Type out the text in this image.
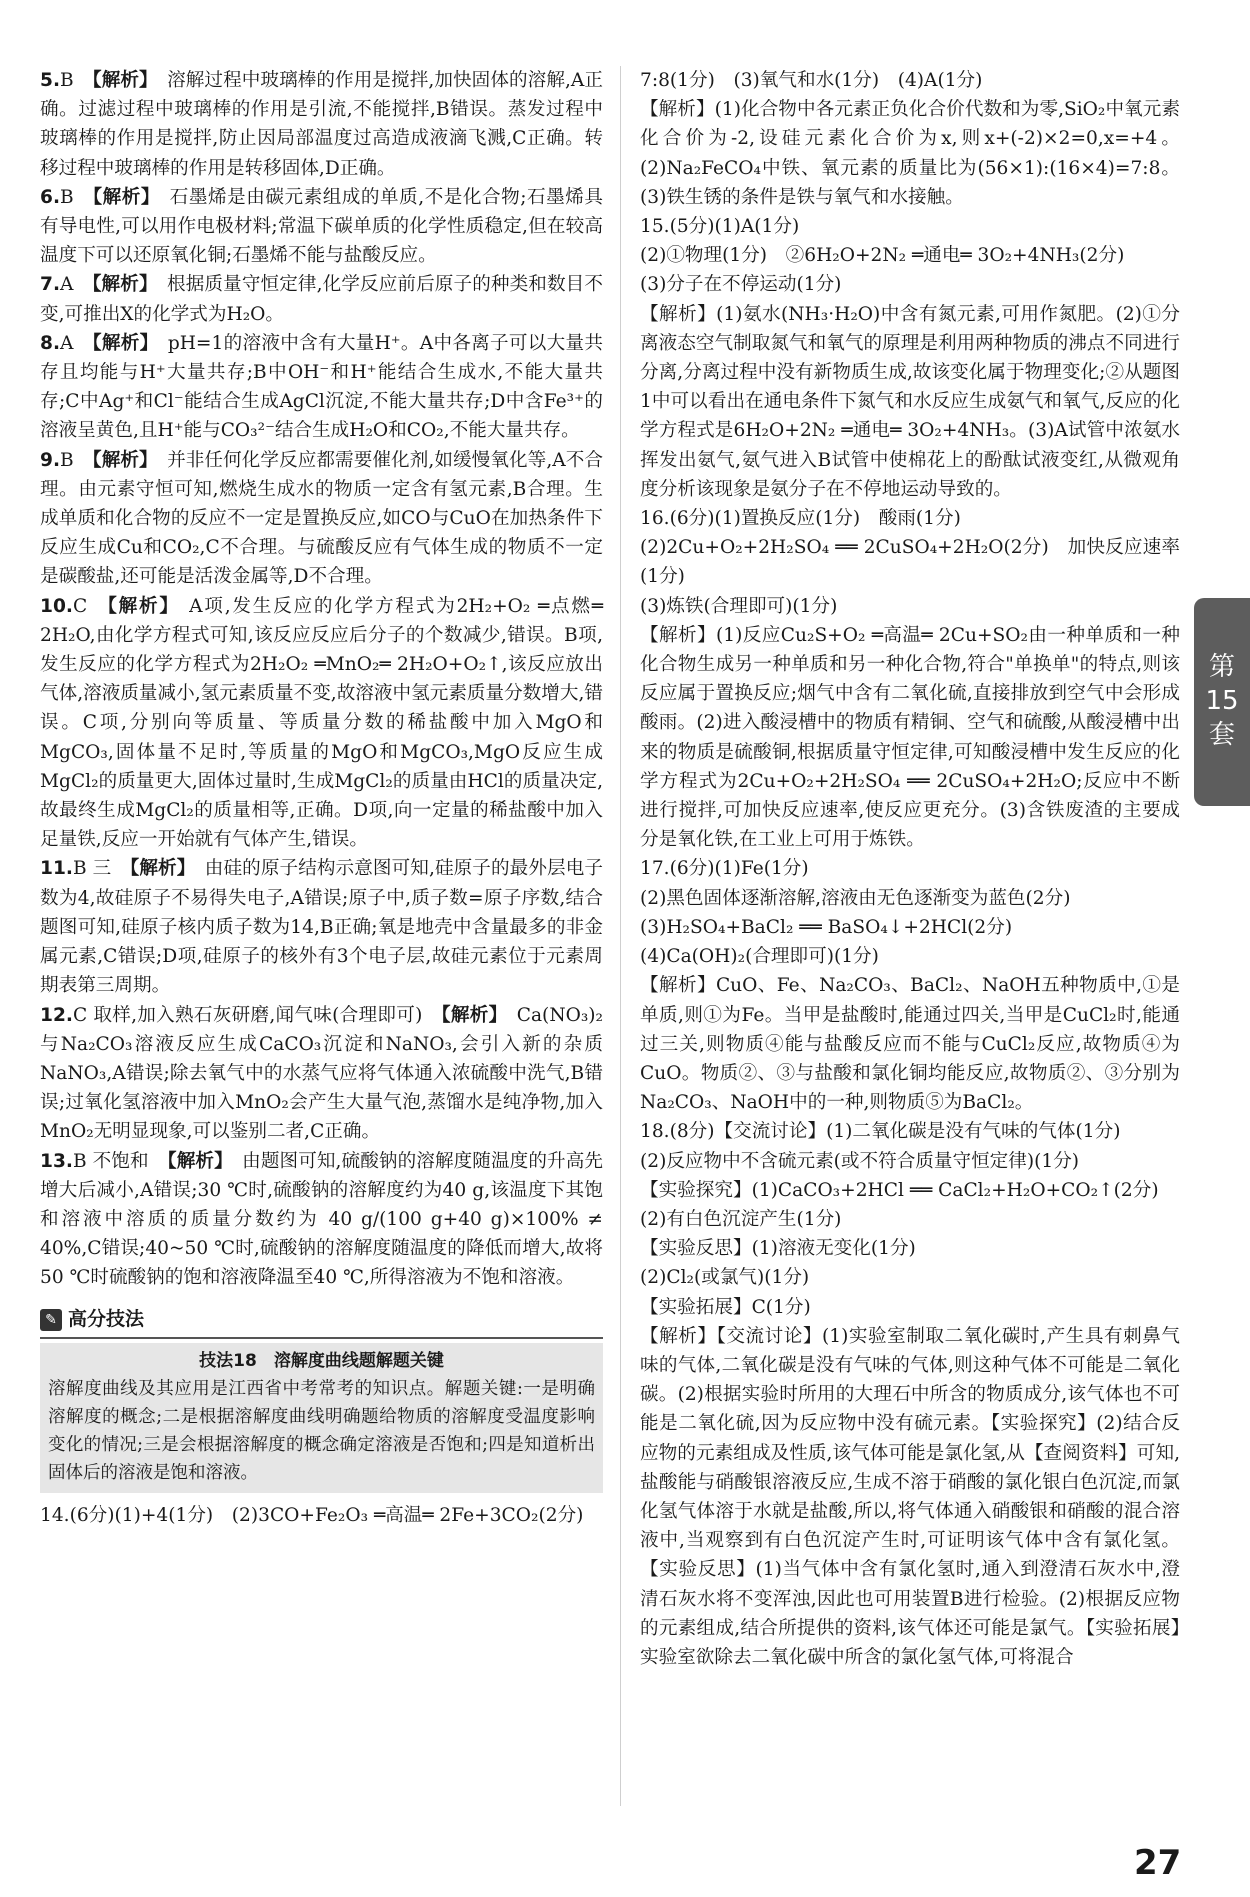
5.B  【解析】  溶解过程中玻璃棒的作用是搅拌,加快固体的溶解,A正确。过滤过程中玻璃棒的作用是引流,不能搅拌,B错误。蒸发过程中玻璃棒的作用是搅拌,防止因局部温度过高造成液滴飞溅,C正确。转移过程中玻璃棒的作用是转移固体,D正确。

6.B  【解析】  石墨烯是由碳元素组成的单质,不是化合物;石墨烯具有导电性,可以用作电极材料;常温下碳单质的化学性质稳定,但在较高温度下可以还原氧化铜;石墨烯不能与盐酸反应。

7.A  【解析】  根据质量守恒定律,化学反应前后原子的种类和数目不变,可推出X的化学式为H₂O。

8.A  【解析】  pH=1的溶液中含有大量H⁺。A中各离子可以大量共存且均能与H⁺大量共存;B中OH⁻和H⁺能结合生成水,不能大量共存;C中Ag⁺和Cl⁻能结合生成AgCl沉淀,不能大量共存;D中含Fe³⁺的溶液呈黄色,且H⁺能与CO₃²⁻结合生成H₂O和CO₂,不能大量共存。

9.B  【解析】  并非任何化学反应都需要催化剂,如缓慢氧化等,A不合理。由元素守恒可知,燃烧生成水的物质一定含有氢元素,B合理。生成单质和化合物的反应不一定是置换反应,如CO与CuO在加热条件下反应生成Cu和CO₂,C不合理。与硫酸反应有气体生成的物质不一定是碳酸盐,还可能是活泼金属等,D不合理。

10.C  【解析】  A项,发生反应的化学方程式为2H₂+O₂ ═点燃═ 2H₂O,由化学方程式可知,该反应反应后分子的个数减少,错误。B项,发生反应的化学方程式为2H₂O₂ ═MnO₂═ 2H₂O+O₂↑,该反应放出气体,溶液质量减小,氢元素质量不变,故溶液中氢元素质量分数增大,错误。C项,分别向等质量、等质量分数的稀盐酸中加入MgO和MgCO₃,固体量不足时,等质量的MgO和MgCO₃,MgO反应生成MgCl₂的质量更大,固体过量时,生成MgCl₂的质量由HCl的质量决定,故最终生成MgCl₂的质量相等,正确。D项,向一定量的稀盐酸中加入足量铁,反应一开始就有气体产生,错误。

11.B 三  【解析】  由硅的原子结构示意图可知,硅原子的最外层电子数为4,故硅原子不易得失电子,A错误;原子中,质子数=原子序数,结合题图可知,硅原子核内质子数为14,B正确;氧是地壳中含量最多的非金属元素,C错误;D项,硅原子的核外有3个电子层,故硅元素位于元素周期表第三周期。

12.C 取样,加入熟石灰研磨,闻气味(合理即可)  【解析】  Ca(NO₃)₂与Na₂CO₃溶液反应生成CaCO₃沉淀和NaNO₃,会引入新的杂质NaNO₃,A错误;除去氧气中的水蒸气应将气体通入浓硫酸中洗气,B错误;过氧化氢溶液中加入MnO₂会产生大量气泡,蒸馏水是纯净物,加入MnO₂无明显现象,可以鉴别二者,C正确。

13.B 不饱和  【解析】  由题图可知,硫酸钠的溶解度随温度的升高先增大后减小,A错误;30 ℃时,硫酸钠的溶解度约为40 g,该温度下其饱和溶液中溶质的质量分数约为 40 g/(100 g+40 g)×100% ≠ 40%,C错误;40~50 ℃时,硫酸钠的溶解度随温度的降低而增大,故将50 ℃时硫酸钠的饱和溶液降温至40 ℃,所得溶液为不饱和溶液。

✎ 高分技法
技法18　溶解度曲线题解题关键

溶解度曲线及其应用是江西省中考常考的知识点。解题关键:一是明确溶解度的概念;二是根据溶解度曲线明确题给物质的溶解度受温度影响变化的情况;三是会根据溶解度的概念确定溶液是否饱和;四是知道析出固体后的溶液是饱和溶液。

14.(6分)(1)+4(1分)　(2)3CO+Fe₂O₃ ═高温═ 2Fe+3CO₂(2分)

7:8(1分)　(3)氧气和水(1分)　(4)A(1分)

【解析】(1)化合物中各元素正负化合价代数和为零,SiO₂中氧元素化合价为-2,设硅元素化合价为x,则x+(-2)×2=0,x=+4。(2)Na₂FeCO₄中铁、氧元素的质量比为(56×1):(16×4)=7:8。(3)铁生锈的条件是铁与氧气和水接触。

15.(5分)(1)A(1分)

(2)①物理(1分)　②6H₂O+2N₂ ═通电═ 3O₂+4NH₃(2分)

(3)分子在不停运动(1分)

【解析】(1)氨水(NH₃·H₂O)中含有氮元素,可用作氮肥。(2)①分离液态空气制取氮气和氧气的原理是利用两种物质的沸点不同进行分离,分离过程中没有新物质生成,故该变化属于物理变化;②从题图1中可以看出在通电条件下氮气和水反应生成氨气和氧气,反应的化学方程式是6H₂O+2N₂ ═通电═ 3O₂+4NH₃。(3)A试管中浓氨水挥发出氨气,氨气进入B试管中使棉花上的酚酞试液变红,从微观角度分析该现象是氨分子在不停地运动导致的。

16.(6分)(1)置换反应(1分)　酸雨(1分)

(2)2Cu+O₂+2H₂SO₄ ══ 2CuSO₄+2H₂O(2分)　加快反应速率(1分)

(3)炼铁(合理即可)(1分)

【解析】(1)反应Cu₂S+O₂ ═高温═ 2Cu+SO₂由一种单质和一种化合物生成另一种单质和另一种化合物,符合"单换单"的特点,则该反应属于置换反应;烟气中含有二氧化硫,直接排放到空气中会形成酸雨。(2)进入酸浸槽中的物质有精铜、空气和硫酸,从酸浸槽中出来的物质是硫酸铜,根据质量守恒定律,可知酸浸槽中发生反应的化学方程式为2Cu+O₂+2H₂SO₄ ══ 2CuSO₄+2H₂O;反应中不断进行搅拌,可加快反应速率,使反应更充分。(3)含铁废渣的主要成分是氧化铁,在工业上可用于炼铁。

17.(6分)(1)Fe(1分)

(2)黑色固体逐渐溶解,溶液由无色逐渐变为蓝色(2分)

(3)H₂SO₄+BaCl₂ ══ BaSO₄↓+2HCl(2分)

(4)Ca(OH)₂(合理即可)(1分)

【解析】CuO、Fe、Na₂CO₃、BaCl₂、NaOH五种物质中,①是单质,则①为Fe。当甲是盐酸时,能通过四关,当甲是CuCl₂时,能通过三关,则物质④能与盐酸反应而不能与CuCl₂反应,故物质④为CuO。物质②、③与盐酸和氯化铜均能反应,故物质②、③分别为Na₂CO₃、NaOH中的一种,则物质⑤为BaCl₂。

18.(8分)【交流讨论】(1)二氧化碳是没有气味的气体(1分)

(2)反应物中不含硫元素(或不符合质量守恒定律)(1分)

【实验探究】(1)CaCO₃+2HCl ══ CaCl₂+H₂O+CO₂↑(2分)

(2)有白色沉淀产生(1分)

【实验反思】(1)溶液无变化(1分)

(2)Cl₂(或氯气)(1分)

【实验拓展】C(1分)

【解析】【交流讨论】(1)实验室制取二氧化碳时,产生具有刺鼻气味的气体,二氧化碳是没有气味的气体,则这种气体不可能是二氧化碳。(2)根据实验时所用的大理石中所含的物质成分,该气体也不可能是二氧化硫,因为反应物中没有硫元素。【实验探究】(2)结合反应物的元素组成及性质,该气体可能是氯化氢,从【查阅资料】可知,盐酸能与硝酸银溶液反应,生成不溶于硝酸的氯化银白色沉淀,而氯化氢气体溶于水就是盐酸,所以,将气体通入硝酸银和硝酸的混合溶液中,当观察到有白色沉淀产生时,可证明该气体中含有氯化氢。【实验反思】(1)当气体中含有氯化氢时,通入到澄清石灰水中,澄清石灰水将不变浑浊,因此也可用装置B进行检验。(2)根据反应物的元素组成,结合所提供的资料,该气体还可能是氯气。【实验拓展】实验室欲除去二氧化碳中所含的氯化氢气体,可将混合

第
15
套
27
